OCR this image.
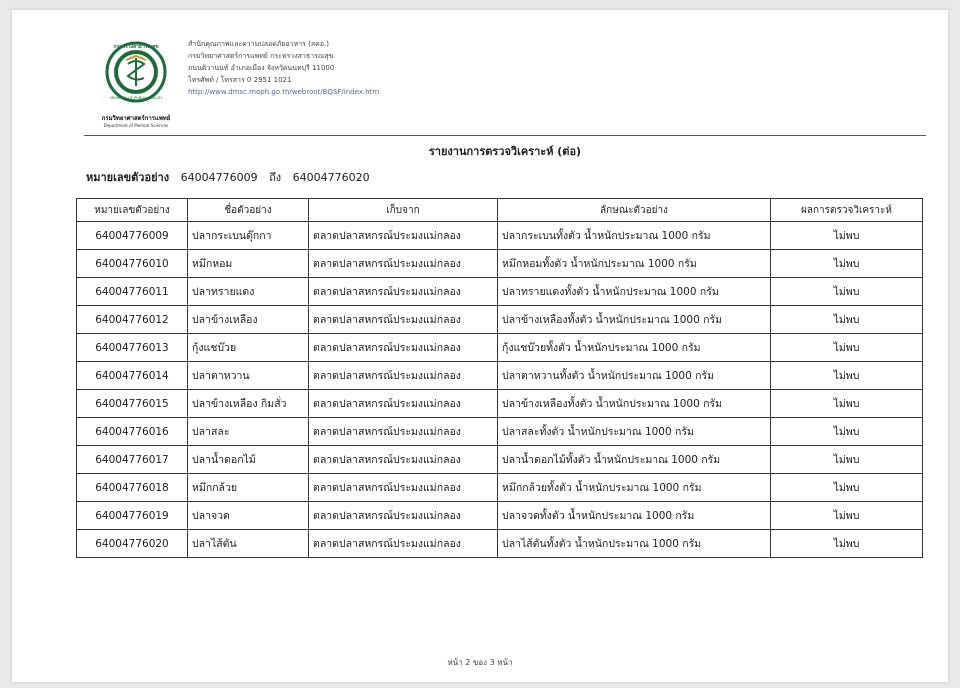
กระทรวงสาธารณสุข
MINISTRY OF PUBLIC HEALTH
กรมวิทยาศาสตร์การแพทย์
Department of Medical Sciences
สำนักคุณภาพและความปลอดภัยอาหาร (สคอ.)
กรมวิทยาศาสตร์การแพทย์ กระทรวงสาธารณสุข
ถนนติวานนท์ อำเภอเมือง จังหวัดนนทบุรี 11000
โทรศัพท์ / โทรสาร 0 2951 1021
http://www.dmsc.moph.go.th/webroot/BQSF/index.htm
รายงานการตรวจวิเคราะห์ (ต่อ)
หมายเลขตัวอย่าง 64004776009 ถึง 64004776020
หมายเลขตัวอย่าง	ชื่อตัวอย่าง	เก็บจาก	ลักษณะตัวอย่าง	ผลการตรวจวิเคราะห์
64004776009	ปลากระเบนตุ๊กกา	ตลาดปลาสหกรณ์ประมงแม่กลอง	ปลากระเบนทั้งตัว น้ำหนักประมาณ 1000 กรัม	ไม่พบ
64004776010	หมึกหอม	ตลาดปลาสหกรณ์ประมงแม่กลอง	หมึกหอมทั้งตัว น้ำหนักประมาณ 1000 กรัม	ไม่พบ
64004776011	ปลาทรายแดง	ตลาดปลาสหกรณ์ประมงแม่กลอง	ปลาทรายแดงทั้งตัว น้ำหนักประมาณ 1000 กรัม	ไม่พบ
64004776012	ปลาข้างเหลือง	ตลาดปลาสหกรณ์ประมงแม่กลอง	ปลาข้างเหลืองทั้งตัว น้ำหนักประมาณ 1000 กรัม	ไม่พบ
64004776013	กุ้งแชบ๊วย	ตลาดปลาสหกรณ์ประมงแม่กลอง	กุ้งแชบ๊วยทั้งตัว น้ำหนักประมาณ 1000 กรัม	ไม่พบ
64004776014	ปลาตาหวาน	ตลาดปลาสหกรณ์ประมงแม่กลอง	ปลาตาหวานทั้งตัว น้ำหนักประมาณ 1000 กรัม	ไม่พบ
64004776015	ปลาข้างเหลือง กิมสั่ว	ตลาดปลาสหกรณ์ประมงแม่กลอง	ปลาข้างเหลืองทั้งตัว น้ำหนักประมาณ 1000 กรัม	ไม่พบ
64004776016	ปลาสละ	ตลาดปลาสหกรณ์ประมงแม่กลอง	ปลาสละทั้งตัว น้ำหนักประมาณ 1000 กรัม	ไม่พบ
64004776017	ปลาน้ำดอกไม้	ตลาดปลาสหกรณ์ประมงแม่กลอง	ปลาน้ำดอกไม้ทั้งตัว น้ำหนักประมาณ 1000 กรัม	ไม่พบ
64004776018	หมึกกล้วย	ตลาดปลาสหกรณ์ประมงแม่กลอง	หมึกกล้วยทั้งตัว น้ำหนักประมาณ 1000 กรัม	ไม่พบ
64004776019	ปลาจวด	ตลาดปลาสหกรณ์ประมงแม่กลอง	ปลาจวดทั้งตัว น้ำหนักประมาณ 1000 กรัม	ไม่พบ
64004776020	ปลาไส้ตัน	ตลาดปลาสหกรณ์ประมงแม่กลอง	ปลาไส้ตันทั้งตัว น้ำหนักประมาณ 1000 กรัม	ไม่พบ
หน้า 2 ของ 3 หน้า
